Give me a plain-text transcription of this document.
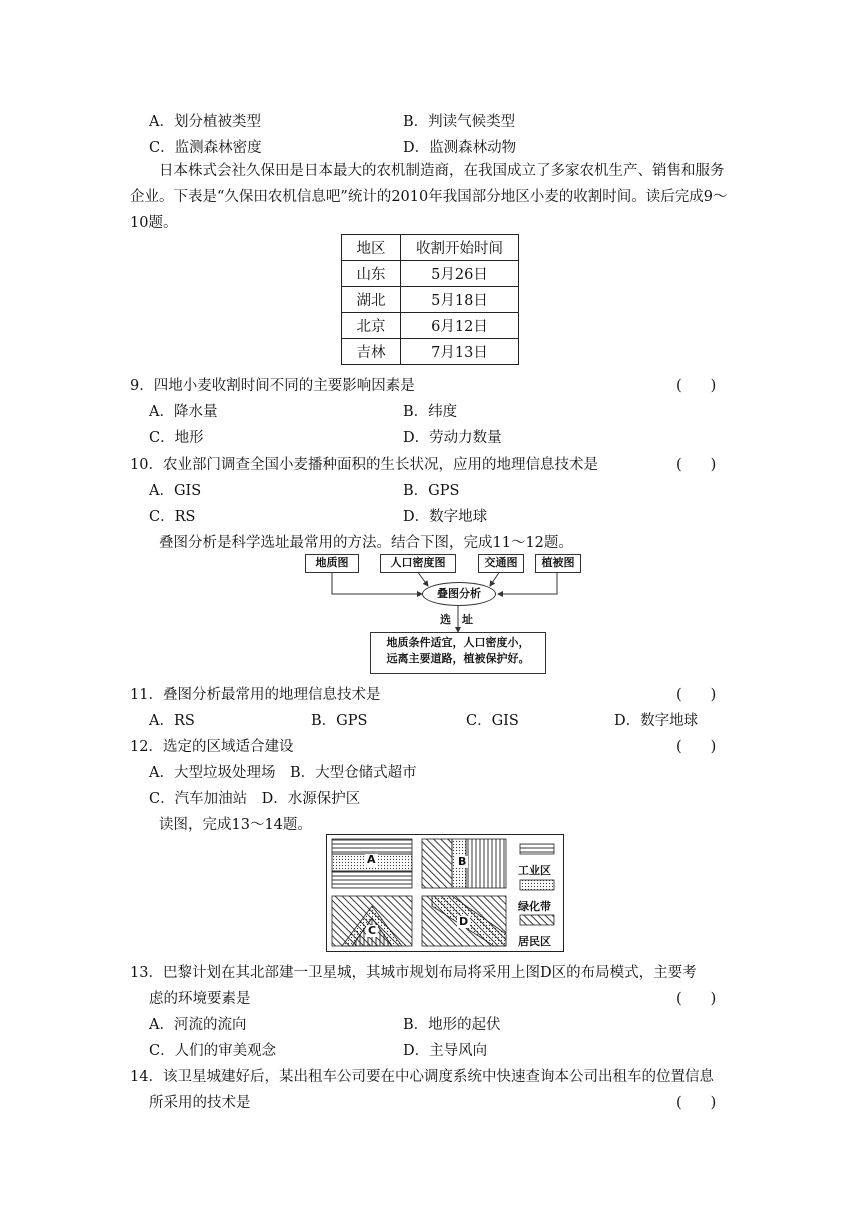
A．划分植被类型	B．判读气候类型
C．监测森林密度	D．监测森林动物
日本株式会社久保田是日本最大的农机制造商，在我国成立了多家农机生产、销售和服务企业。下表是“久保田农机信息吧”统计的2010年我国部分地区小麦的收割时间。读后完成9～10题。
地区	收割开始时间
山东	5月26日
湖北	5月18日
北京	6月12日
吉林	7月13日
9．四地小麦收割时间不同的主要影响因素是	(　　)
A．降水量	B．纬度
C．地形	D．劳动力数量
10．农业部门调查全国小麦播种面积的生长状况，应用的地理信息技术是	(　　)
A．GIS	B．GPS
C．RS	D．数字地球
叠图分析是科学选址最常用的方法。结合下图，完成11～12题。
地质图	人口密度图	交通图	植被图
叠图分析
选　址
地质条件适宜，人口密度小，
远离主要道路，植被保护好。
11．叠图分析最常用的地理信息技术是	(　　)
A．RS	B．GPS	C．GIS	D．数字地球
12．选定的区域适合建设	(　　)
A．大型垃圾处理场　B．大型仓储式超市
C．汽车加油站　D．水源保护区
读图，完成13～14题。
A	B
C
D
工业区
绿化带
居民区
13．巴黎计划在其北部建一卫星城，其城市规划布局将采用上图D区的布局模式，主要考
虑的环境要素是	(　　)
A．河流的流向	B．地形的起伏
C．人们的审美观念	D．主导风向
14．该卫星城建好后，某出租车公司要在中心调度系统中快速查询本公司出租车的位置信息
所采用的技术是	(　　)
